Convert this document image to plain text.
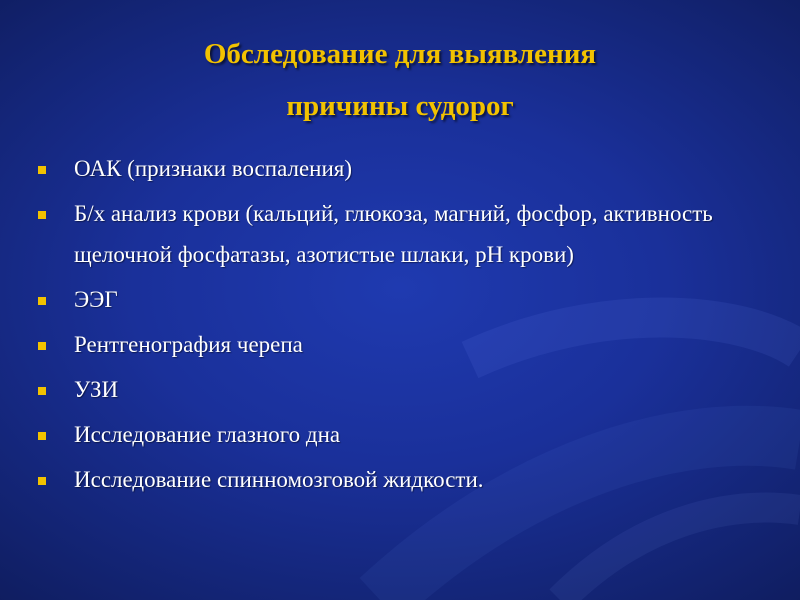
Обследование для выявления
причины судорог
ОАК (признаки воспаления)
Б/х анализ крови (кальций, глюкоза, магний, фосфор, активность щелочной фосфатазы, азотистые шлаки, pH крови)
ЭЭГ
Рентгенография черепа
УЗИ
Исследование глазного дна
Исследование спинномозговой жидкости.
